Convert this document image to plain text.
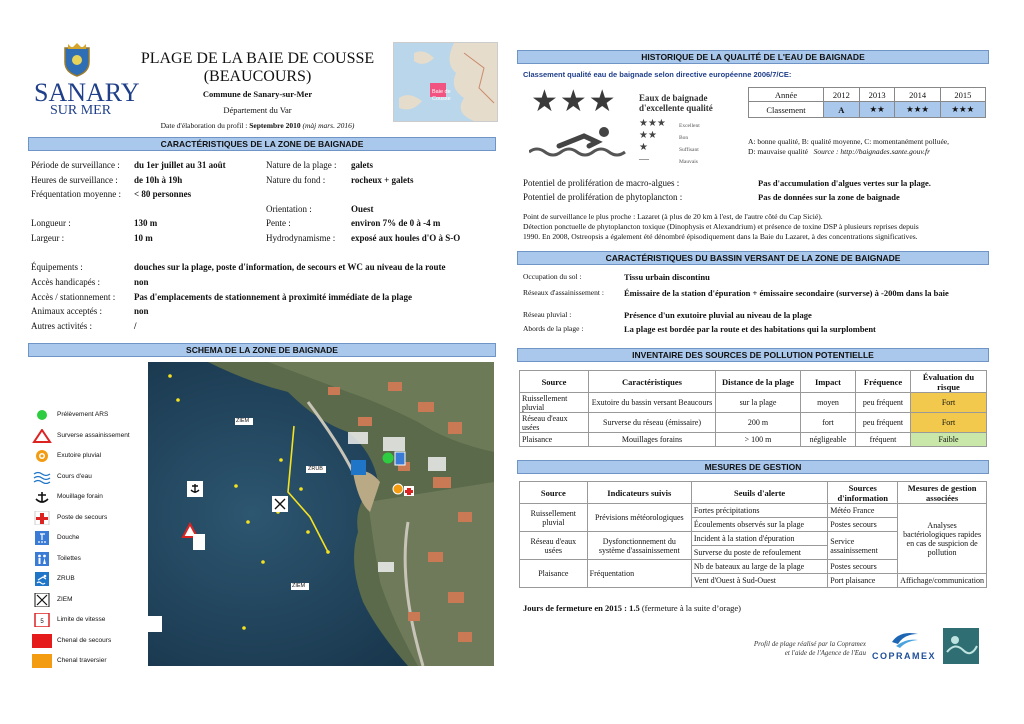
SANARY
SUR MER
PLAGE DE LA BAIE DE COUSSE
(BEAUCOURS)
Commune de Sanary-sur-Mer
Département du Var
Date d'élaboration du profil : Septembre 2010 (màj mars. 2016)
Baie de Cousse
CARACTÉRISTIQUES DE LA ZONE DE BAIGNADE
Période de surveillance : du 1er juillet au 31 août
Heures de surveillance : de 10h à 19h
Fréquentation moyenne : < 80 personnes
Nature de la plage : galets
Nature du fond :	rocheux + galets
Orientation :	Ouest
Longueur :	130 m	Pente :	environ 7% de 0 à -4 m
Largeur :	10 m	Hydrodynamisme : exposé aux houles d'O à S-O
Équipements :	douches sur la plage, poste d'information, de secours et WC au niveau de la route
Accès handicapés :	non
Accès / stationnement : Pas d'emplacements de stationnement à proximité immédiate de la plage
Animaux acceptés :	non
Autres activités :	/
SCHEMA DE LA ZONE DE BAIGNADE
Prélèvement ARS
Surverse assainissement
Exutoire pluvial
Cours d'eau
Mouillage forain
Poste de secours
Douche
Toilettes
ZRUB
ZIEM
5 Limite de vitesse
Chenal de secours
Chenal traversier
ZIEM
ZRUB
ZIEM
HISTORIQUE DE LA QUALITÉ DE L'EAU DE BAIGNADE
Classement qualité eau de baignade selon directive européenne 2006/7/CE:
★★★ Eaux de baignade
d'excellente qualité
★★★
★★
★
—
Excellent
Bon
Suffisant
Mauvais
Année	2012	2013	2014	2015
Classement	A	★★	★★★	★★★
A: bonne qualité, B: qualité moyenne, C: momentanément polluée,
D: mauvaise qualité Source : http://baignades.sante.gouv.fr
Potentiel de prolifération de macro-algues :	Pas d'accumulation d'algues vertes sur la plage.
Potentiel de prolifération de phytoplancton :	Pas de données sur la zone de baignade
Point de surveillance le plus proche : Lazaret (à plus de 20 km à l'est, de l'autre côté du Cap Sicié).
Détection ponctuelle de phytoplancton toxique (Dinophysis et Alexandrium) et présence de toxine DSP à plusieurs reprises depuis
1990. En 2008, Ostreopsis a également été dénombré épisodiquement dans la Baie du Lazaret, à des concentrations significatives.
CARACTÉRISTIQUES DU BASSIN VERSANT DE LA ZONE DE BAIGNADE
Occupation du sol :	Tissu urbain discontinu
Réseaux d'assainissement : Émissaire de la station d'épuration + émissaire secondaire (surverse) à -200m dans la baie
Réseau pluvial :	Présence d'un exutoire pluvial au niveau de la plage
Abords de la plage :	La plage est bordée par la route et des habitations qui la surplombent
INVENTAIRE DES SOURCES DE POLLUTION POTENTIELLE
Source	Caractéristiques	Distance de la plage	Impact	Fréquence	Évaluation du risque
Ruissellement pluvial	Exutoire du bassin versant Beaucours	sur la plage	moyen	peu fréquent	Fort
Réseau d'eaux usées	Surverse du réseau (émissaire)	200 m	fort	peu fréquent	Fort
Plaisance	Mouillages forains	> 100 m	négligeable	fréquent	Faible
MESURES DE GESTION
Source	Indicateurs suivis	Seuils d'alerte	Sources d'information	Mesures de gestion associées
Ruissellement pluvial	Prévisions météorologiques	Fortes précipitations	Météo France	Analyses bactériologiques rapides en cas de suspicion de pollution
		Écoulements observés sur la plage	Postes secours	
Réseau d'eaux usées	Dysfonctionnement du système d'assainissement	Incident à la station d'épuration	Service assainissement	
		Surverse du poste de refoulement		
Plaisance	Fréquentation	Nb de bateaux au large de la plage	Postes secours	
		Vent d'Ouest à Sud-Ouest	Port plaisance	Affichage/communication
Jours de fermeture en 2015 : 1.5 (fermeture à la suite d’orage)
Profil de plage réalisé par la Copramex
et l'aide de l'Agence de l'Eau COPRAMEX
